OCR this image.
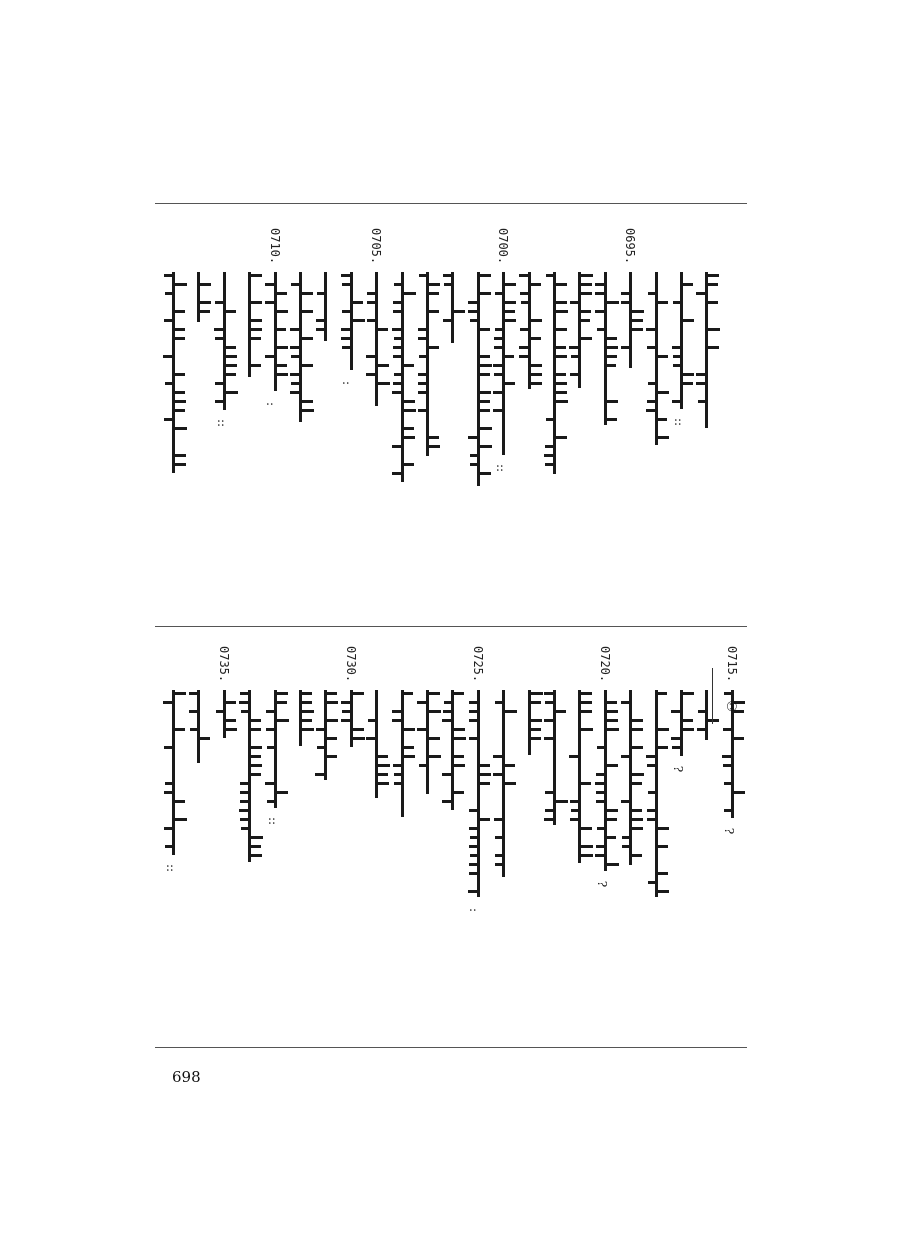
::
:
0710.
:
0705.
::
0700.	0695.
::
::
0735.
::
0730.
:
0725.
?
0720.
?
?
0715.
①
698
